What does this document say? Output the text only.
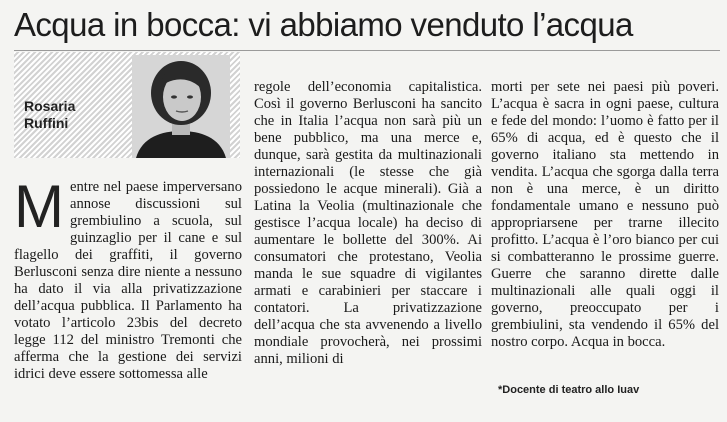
Acqua in bocca: vi abbiamo venduto l’acqua
Rosaria
Ruffini
M entre nel paese imperversano annose discussioni sul grembiulino a scuola, sul guinzaglio per il cane e sul flagello dei graffiti, il governo Berlusconi senza dire niente a nessuno ha dato il via alla privatizzazione dell’acqua pubblica. Il Parlamento ha votato l’articolo 23bis del decreto legge 112 del ministro Tremonti che afferma che la gestione dei servizi idrici deve essere sottomessa alle

regole dell’economia capitalistica. Così il governo Berlusconi ha sancito che in Italia l’acqua non sarà più un bene pubblico, ma una merce e, dunque, sarà gestita da multinazionali internazionali (le stesse che già possiedono le acque minerali). Già a Latina la Veolia (multinazionale che gestisce l’acqua locale) ha deciso di aumentare le bollette del 300%. Ai consumatori che protestano, Veolia manda le sue squadre di vigilantes armati e carabinieri per staccare i contatori. La privatizzazione dell’acqua che sta avvenendo a livello mondiale provocherà, nei prossimi anni, milioni di

morti per sete nei paesi più poveri. L’acqua è sacra in ogni paese, cultura e fede del mondo: l’uomo è fatto per il 65% di acqua, ed è questo che il governo italiano sta mettendo in vendita. L’acqua che sgorga dalla terra non è una merce, è un diritto fondamentale umano e nessuno può appropriarsene per trarne illecito profitto. L’acqua è l’oro bianco per cui si combatteranno le prossime guerre. Guerre che saranno dirette dalle multinazionali alle quali oggi il governo, preoccupato per i grembiulini, sta vendendo il 65% del nostro corpo. Acqua in bocca.

*Docente di teatro allo Iuav
